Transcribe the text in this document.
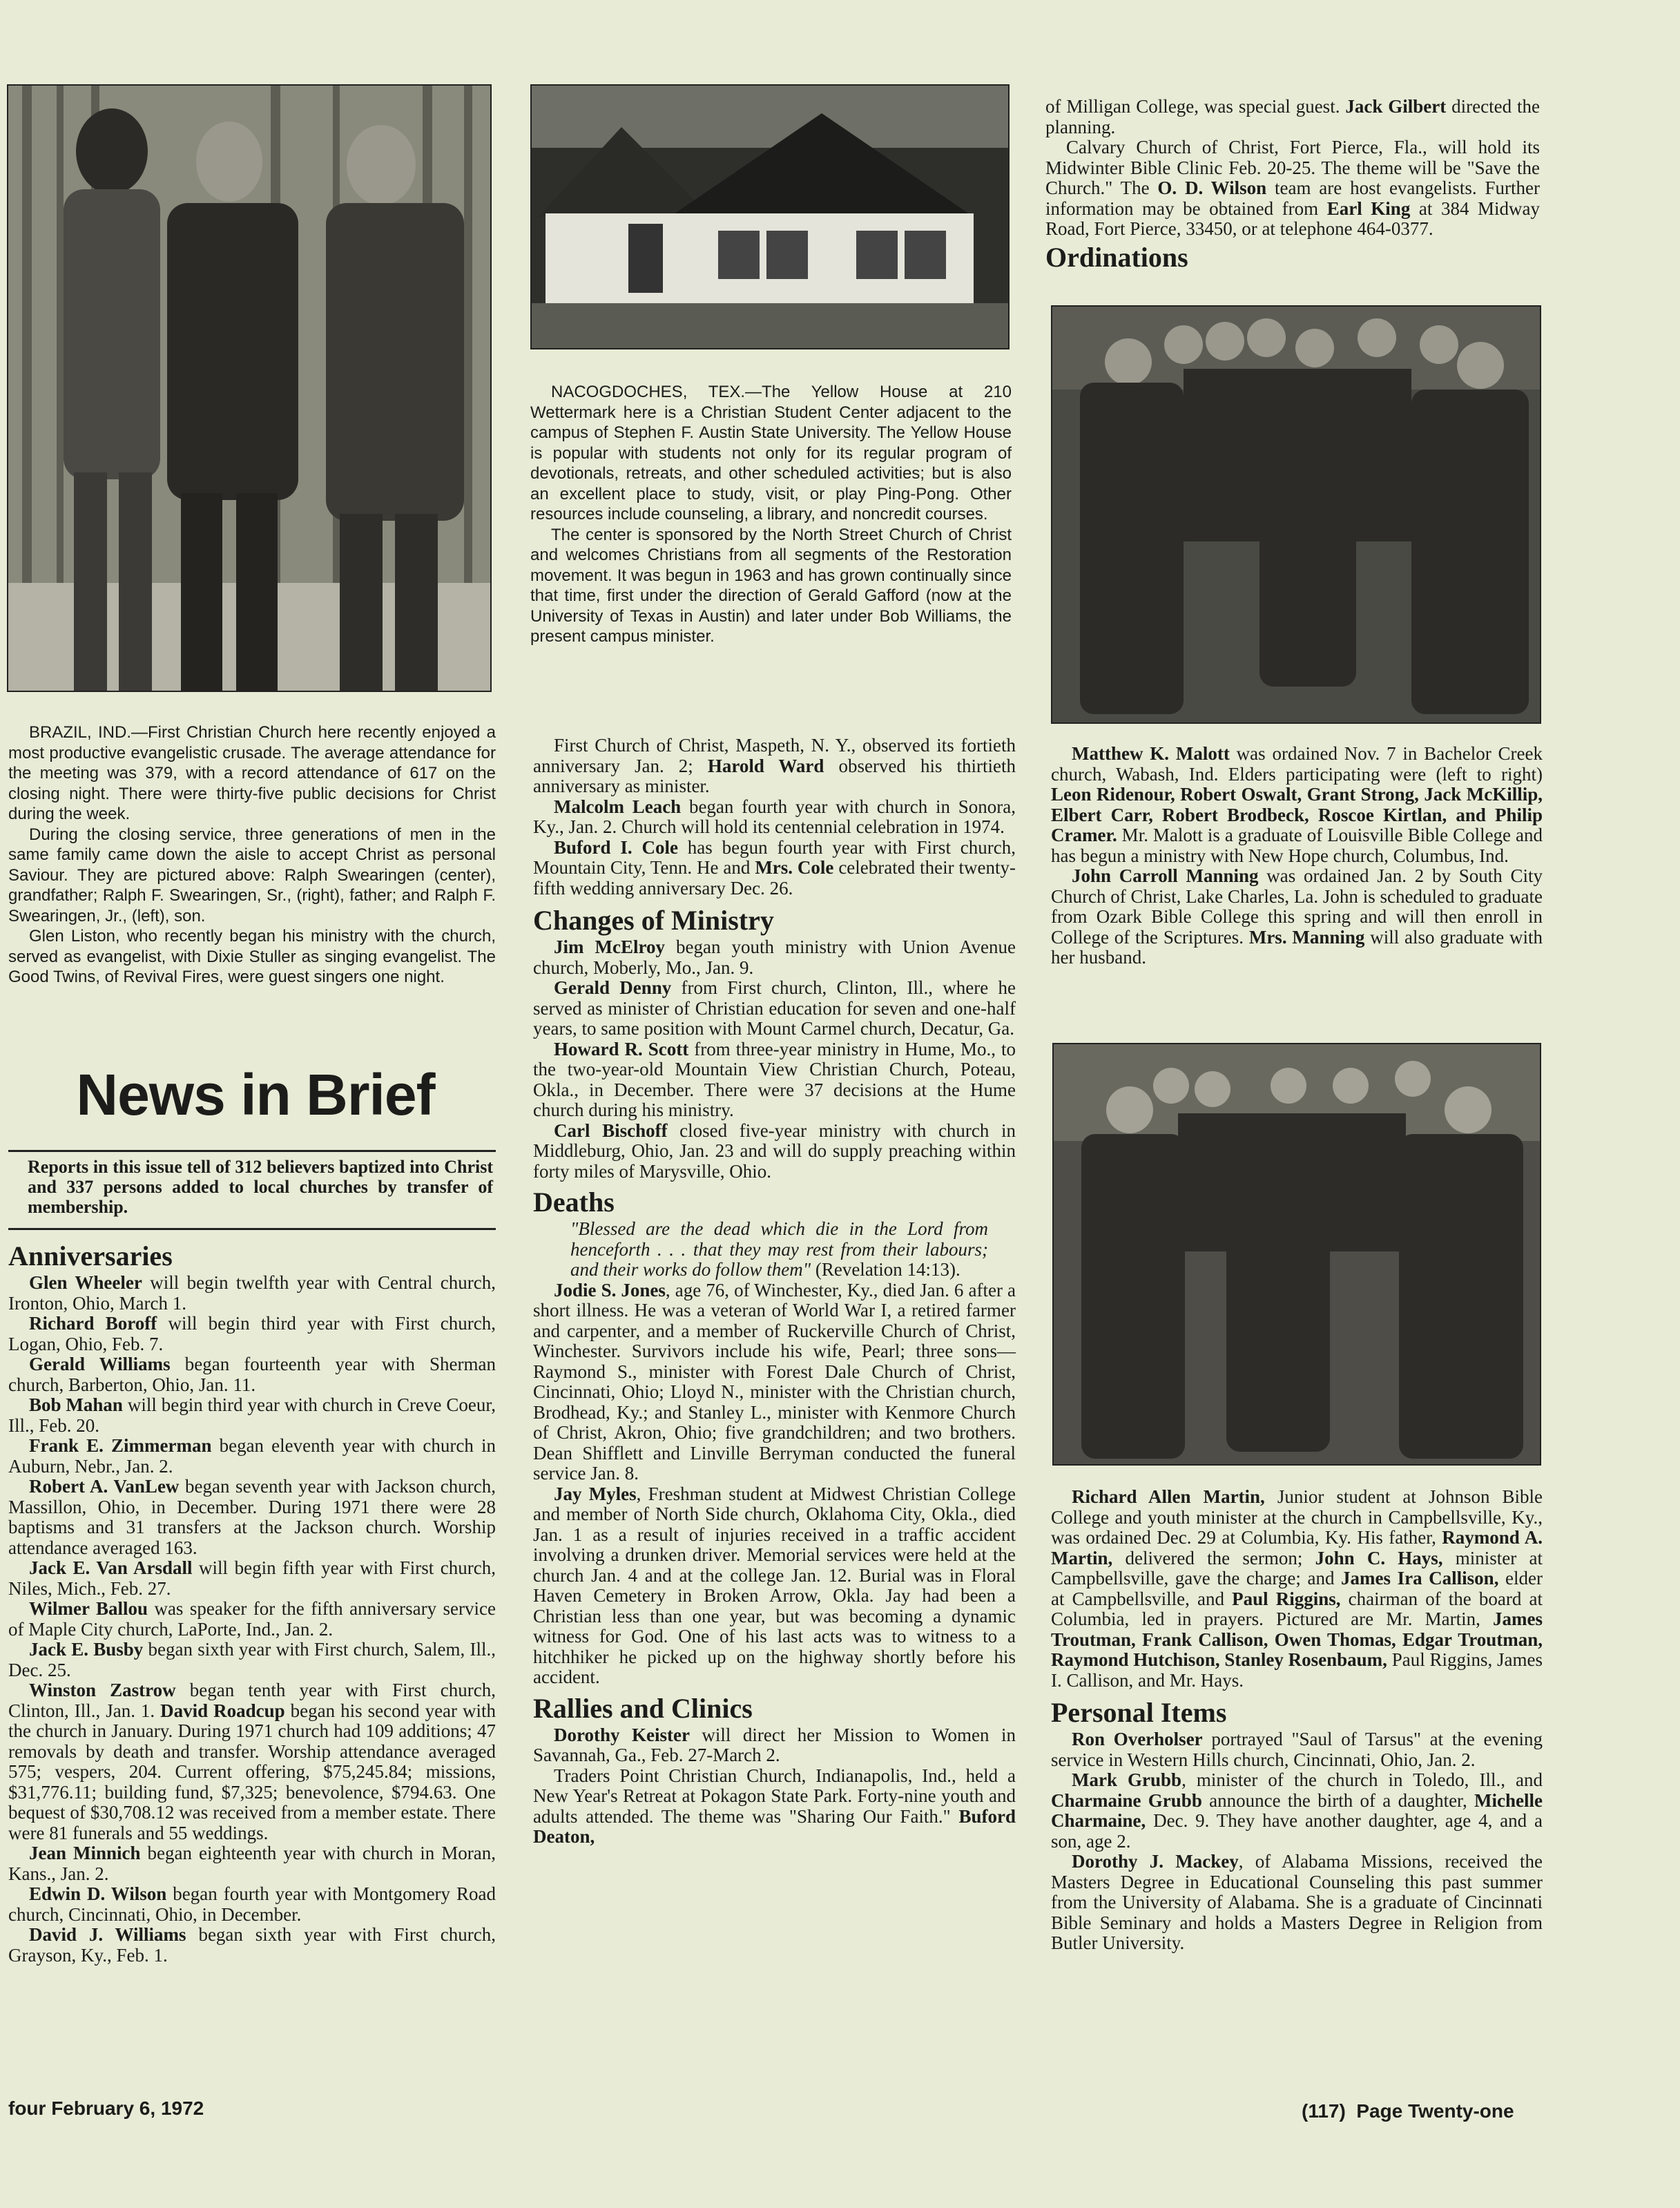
BRAZIL, IND.—First Christian Church here recently enjoyed a most productive evangelistic crusade. The average attendance for the meeting was 379, with a record attendance of 617 on the closing night. There were thirty-five public decisions for Christ during the week.

During the closing service, three generations of men in the same family came down the aisle to accept Christ as personal Saviour. They are pictured above: Ralph Swearingen (center), grandfather; Ralph F. Swearingen, Sr., (right), father; and Ralph F. Swearingen, Jr., (left), son.

Glen Liston, who recently began his ministry with the church, served as evangelist, with Dixie Stuller as singing evangelist. The Good Twins, of Revival Fires, were guest singers one night.

News in Brief
Reports in this issue tell of 312 believers baptized into Christ and 337 persons added to local churches by transfer of membership.
Anniversaries

Glen Wheeler will begin twelfth year with Central church, Ironton, Ohio, March 1.

Richard Boroff will begin third year with First church, Logan, Ohio, Feb. 7.

Gerald Williams began fourteenth year with Sherman church, Barberton, Ohio, Jan. 11.

Bob Mahan will begin third year with church in Creve Coeur, Ill., Feb. 20.

Frank E. Zimmerman began eleventh year with church in Auburn, Nebr., Jan. 2.

Robert A. VanLew began seventh year with Jackson church, Massillon, Ohio, in December. During 1971 there were 28 baptisms and 31 transfers at the Jackson church. Worship attendance averaged 163.

Jack E. Van Arsdall will begin fifth year with First church, Niles, Mich., Feb. 27.

Wilmer Ballou was speaker for the fifth anniversary service of Maple City church, LaPorte, Ind., Jan. 2.

Jack E. Busby began sixth year with First church, Salem, Ill., Dec. 25.

Winston Zastrow began tenth year with First church, Clinton, Ill., Jan. 1. David Roadcup began his second year with the church in January. During 1971 church had 109 additions; 47 removals by death and transfer. Worship attendance averaged 575; vespers, 204. Current offering, $75,245.84; missions, $31,776.11; building fund, $7,325; benevolence, $794.63. One bequest of $30,708.12 was received from a member estate. There were 81 funerals and 55 weddings.

Jean Minnich began eighteenth year with church in Moran, Kans., Jan. 2.

Edwin D. Wilson began fourth year with Montgomery Road church, Cincinnati, Ohio, in December.

David J. Williams began sixth year with First church, Grayson, Ky., Feb. 1.

NACOGDOCHES, TEX.—The Yellow House at 210 Wettermark here is a Christian Student Center adjacent to the campus of Stephen F. Austin State University. The Yellow House is popular with students not only for its regular program of devotionals, retreats, and other scheduled activities; but is also an excellent place to study, visit, or play Ping-Pong. Other resources include counseling, a library, and noncredit courses.

The center is sponsored by the North Street Church of Christ and welcomes Christians from all segments of the Restoration movement. It was begun in 1963 and has grown continually since that time, first under the direction of Gerald Gafford (now at the University of Texas in Austin) and later under Bob Williams, the present campus minister.

First Church of Christ, Maspeth, N. Y., observed its fortieth anniversary Jan. 2; Harold Ward observed his thirtieth anniversary as minister.

Malcolm Leach began fourth year with church in Sonora, Ky., Jan. 2. Church will hold its centennial celebration in 1974.

Buford I. Cole has begun fourth year with First church, Mountain City, Tenn. He and Mrs. Cole celebrated their twenty-fifth wedding anniversary Dec. 26.

Changes of Ministry

Jim McElroy began youth ministry with Union Avenue church, Moberly, Mo., Jan. 9.

Gerald Denny from First church, Clinton, Ill., where he served as minister of Christian education for seven and one-half years, to same position with Mount Carmel church, Decatur, Ga.

Howard R. Scott from three-year ministry in Hume, Mo., to the two-year-old Mountain View Christian Church, Poteau, Okla., in December. There were 37 decisions at the Hume church during his ministry.

Carl Bischoff closed five-year ministry with church in Middleburg, Ohio, Jan. 23 and will do supply preaching within forty miles of Marysville, Ohio.

Deaths

"Blessed are the dead which die in the Lord from henceforth . . . that they may rest from their labours; and their works do follow them" (Revelation 14:13).

Jodie S. Jones, age 76, of Winchester, Ky., died Jan. 6 after a short illness. He was a veteran of World War I, a retired farmer and carpenter, and a member of Ruckerville Church of Christ, Winchester. Survivors include his wife, Pearl; three sons—Raymond S., minister with Forest Dale Church of Christ, Cincinnati, Ohio; Lloyd N., minister with the Christian church, Brodhead, Ky.; and Stanley L., minister with Kenmore Church of Christ, Akron, Ohio; five grandchildren; and two brothers. Dean Shifflett and Linville Berryman conducted the funeral service Jan. 8.

Jay Myles, Freshman student at Midwest Christian College and member of North Side church, Oklahoma City, Okla., died Jan. 1 as a result of injuries received in a traffic accident involving a drunken driver. Memorial services were held at the church Jan. 4 and at the college Jan. 12. Burial was in Floral Haven Cemetery in Broken Arrow, Okla. Jay had been a Christian less than one year, but was becoming a dynamic witness for God. One of his last acts was to witness to a hitchhiker he picked up on the highway shortly before his accident.

Rallies and Clinics

Dorothy Keister will direct her Mission to Women in Savannah, Ga., Feb. 27-March 2.

Traders Point Christian Church, Indianapolis, Ind., held a New Year's Retreat at Pokagon State Park. Forty-nine youth and adults attended. The theme was "Sharing Our Faith." Buford Deaton,

of Milligan College, was special guest. Jack Gilbert directed the planning.

Calvary Church of Christ, Fort Pierce, Fla., will hold its Midwinter Bible Clinic Feb. 20-25. The theme will be "Save the Church." The O. D. Wilson team are host evangelists. Further information may be obtained from Earl King at 384 Midway Road, Fort Pierce, 33450, or at telephone 464-0377.

Ordinations

Matthew K. Malott was ordained Nov. 7 in Bachelor Creek church, Wabash, Ind. Elders participating were (left to right) Leon Ridenour, Robert Oswalt, Grant Strong, Jack McKillip, Elbert Carr, Robert Brodbeck, Roscoe Kirtlan, and Philip Cramer. Mr. Malott is a graduate of Louisville Bible College and has begun a ministry with New Hope church, Columbus, Ind.

John Carroll Manning was ordained Jan. 2 by South City Church of Christ, Lake Charles, La. John is scheduled to graduate from Ozark Bible College this spring and will then enroll in College of the Scriptures. Mrs. Manning will also graduate with her husband.

Richard Allen Martin, Junior student at Johnson Bible College and youth minister at the church in Campbellsville, Ky., was ordained Dec. 29 at Columbia, Ky. His father, Raymond A. Martin, delivered the sermon; John C. Hays, minister at Campbellsville, gave the charge; and James Ira Callison, elder at Campbellsville, and Paul Riggins, chairman of the board at Columbia, led in prayers. Pictured are Mr. Martin, James Troutman, Frank Callison, Owen Thomas, Edgar Troutman, Raymond Hutchison, Stanley Rosenbaum, Paul Riggins, James I. Callison, and Mr. Hays.

Personal Items

Ron Overholser portrayed "Saul of Tarsus" at the evening service in Western Hills church, Cincinnati, Ohio, Jan. 2.

Mark Grubb, minister of the church in Toledo, Ill., and Charmaine Grubb announce the birth of a daughter, Michelle Charmaine, Dec. 9. They have another daughter, age 4, and a son, age 2.

Dorothy J. Mackey, of Alabama Missions, received the Masters Degree in Educational Counseling this past summer from the University of Alabama. She is a graduate of Cincinnati Bible Seminary and holds a Masters Degree in Religion from Butler University.

four February 6, 1972	(117)  Page Twenty-one
